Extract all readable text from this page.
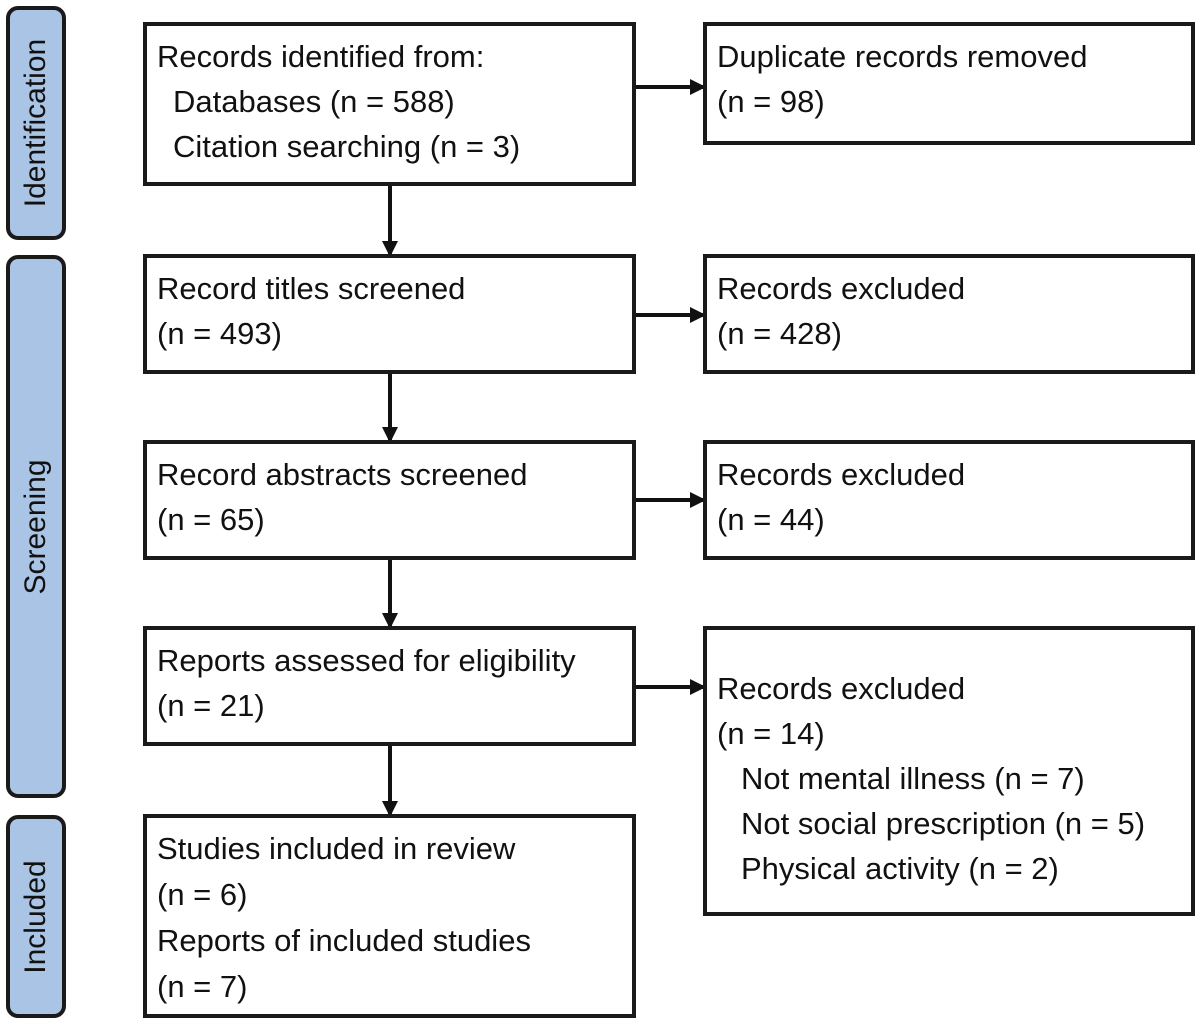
Identification
Screening
Included
Records identified from:
Databases (n = 588)
Citation searching (n = 3)
Record titles screened
(n = 493)
Record abstracts screened
(n = 65)
Reports assessed for eligibility
(n = 21)
Studies included in review
(n = 6)
Reports of included studies
(n = 7)
Duplicate records removed
(n = 98)
Records excluded
(n = 428)
Records excluded
(n = 44)
Records excluded
(n = 14)
Not mental illness (n = 7)
Not social prescription (n = 5)
Physical activity (n = 2)
